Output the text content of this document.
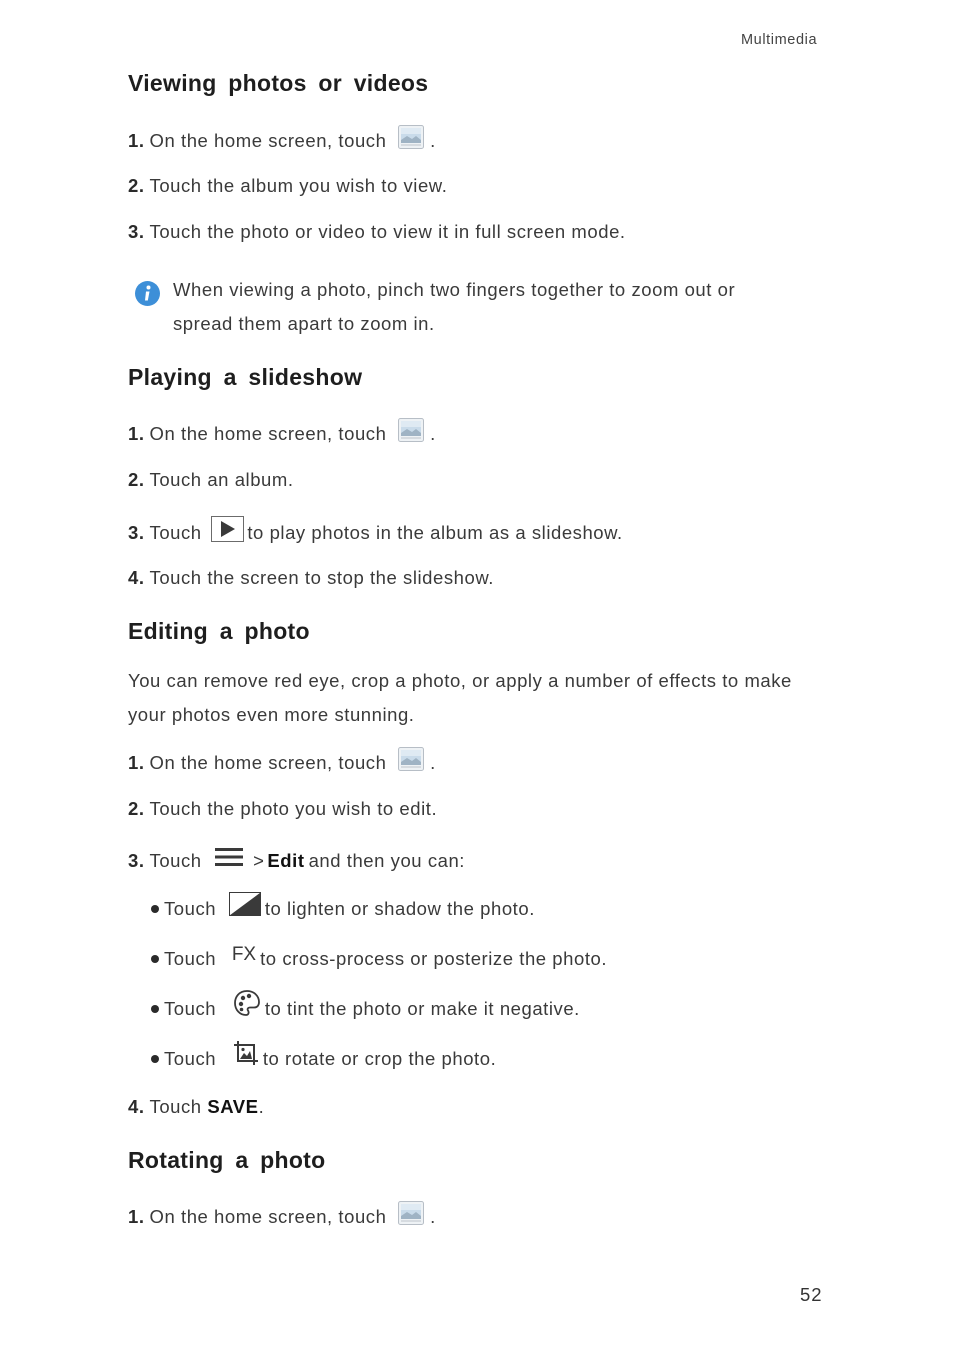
Multimedia
Viewing photos or videos
1. On the home screen, touch .
2. Touch the album you wish to view.
3. Touch the photo or video to view it in full screen mode.
When viewing a photo, pinch two fingers together to zoom out or
spread them apart to zoom in.
Playing a slideshow
1. On the home screen, touch .
2. Touch an album.
3. Touch to play photos in the album as a slideshow.
4. Touch the screen to stop the slideshow.
Editing a photo
You can remove red eye, crop a photo, or apply a number of effects to make
your photos even more stunning.
1. On the home screen, touch .
2. Touch the photo you wish to edit.
3. Touch	> Edit and then you can:
Touch	to lighten or shadow the photo.
Touch FX to cross-process or posterize the photo.
Touch	to tint the photo or make it negative.
Touch	to rotate or crop the photo.
4. Touch SAVE.
Rotating a photo
1. On the home screen, touch .
52
